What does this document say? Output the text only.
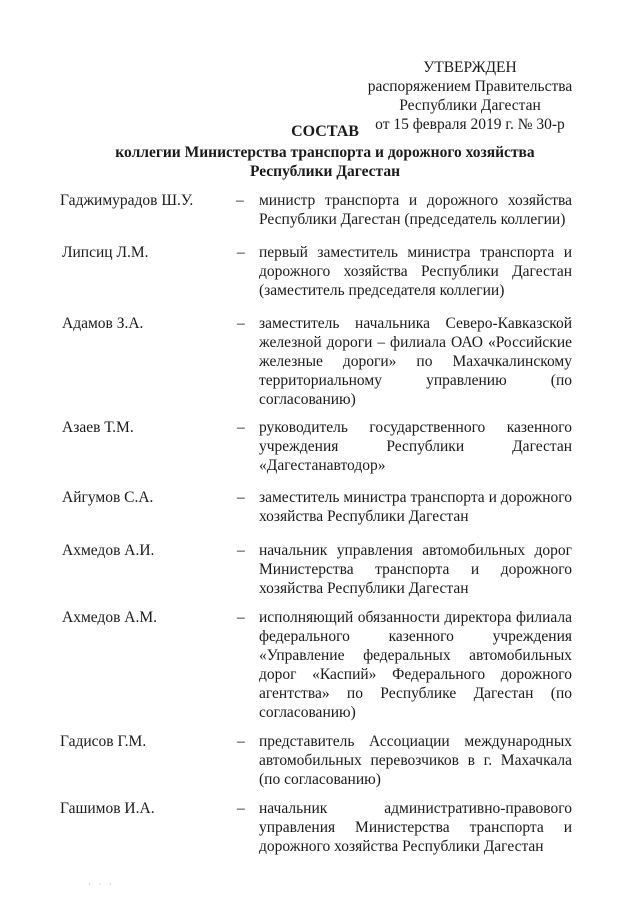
УТВЕРЖДЕН
распоряжением Правительства
Республики Дагестан
от 15 февраля 2019 г. № 30-р
СОСТАВ
коллегии Министерства транспорта и дорожного хозяйства
Республики Дагестан
Гаджимурадов Ш.У.	– министр транспорта и дорожного хозяйства Республики Дагестан (председатель коллегии)
Липсиц Л.М.	– первый заместитель министра транспорта и дорожного хозяйства Республики Дагестан (заместитель председателя коллегии)
Адамов З.А.	– заместитель начальника Северо-Кавказской железной дороги – филиала ОАО «Российские железные дороги» по Махачкалинскому территориальному управлению (по согласованию)
Азаев Т.М.	– руководитель государственного казенного учреждения Республики Дагестан «Дагестанавтодор»
Айгумов С.А.	– заместитель министра транспорта и дорожного хозяйства Республики Дагестан
Ахмедов А.И.	– начальник управления автомобильных дорог Министерства транспорта и дорожного хозяйства Республики Дагестан
Ахмедов А.М.	– исполняющий обязанности директора филиала федерального казенного учреждения «Управление федеральных автомобильных дорог «Каспий» Федерального дорожного агентства» по Республике Дагестан (по согласованию)
Гадисов Г.М.	– представитель Ассоциации международных автомобильных перевозчиков в г. Махачкала (по согласованию)
Гашимов И.А.	– начальник административно-правового управления Министерства транспорта и дорожного хозяйства Республики Дагестан
· · ·
